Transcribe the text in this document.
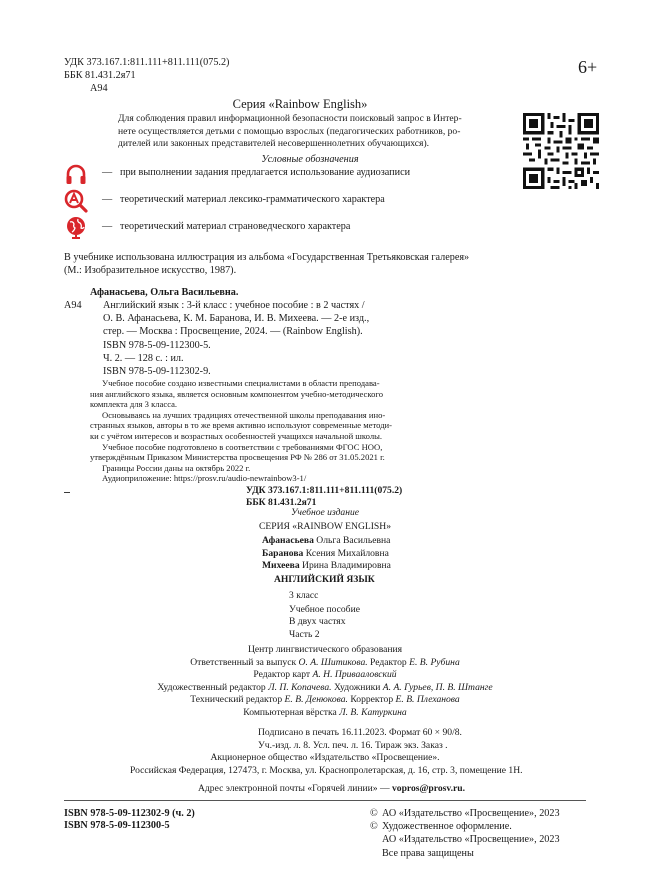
УДК 373.167.1:811.111+811.111(075.2)
ББК 81.431.2я71
А94
6+
Серия «Rainbow English»
Для соблюдения правил информационной безопасности поисковый запрос в Интер-
нете осуществляется детьми с помощью взрослых (педагогических работников, ро-
дителей или законных представителей несовершеннолетних обучающихся).
Условные обозначения
— при выполнении задания предлагается использование аудиозаписи
— теоретический материал лексико-грамматического характера
— теоретический материал страноведческого характера
В учебнике использована иллюстрация из альбома «Государственная Третьяковская галерея»
(М.: Изобразительное искусство, 1987).
Афанасьева, Ольга Васильевна.
А94 Английский язык : 3-й класс : учебное пособие : в 2 частях /
О. В. Афанасьева, К. М. Баранова, И. В. Михеева. — 2-е изд.,
стер. — Москва : Просвещение, 2024. — (Rainbow English).
ISBN 978-5-09-112300-5.
Ч. 2. — 128 с. : ил.
ISBN 978-5-09-112302-9.
Учебное пособие создано известными специалистами в области преподава-
ния английского языка, является основным компонентом учебно-методического
комплекта для 3 класса.
Основываясь на лучших традициях отечественной школы преподавания ино-
странных языков, авторы в то же время активно используют современные методи-
ки с учётом интересов и возрастных особенностей учащихся начальной школы.
Учебное пособие подготовлено в соответствии с требованиями ФГОС НОО,
утверждённым Приказом Министерства просвещения РФ № 286 от 31.05.2021 г.
Границы России даны на октябрь 2022 г.
Аудиоприложение: https://prosv.ru/audio-newrainbow3-1/
УДК 373.167.1:811.111+811.111(075.2)
ББК 81.431.2я71
Учебное издание
СЕРИЯ «RAINBOW ENGLISH»
Афанасьева Ольга Васильевна
Баранова Ксения Михайловна
Михеева Ирина Владимировна
АНГЛИЙСКИЙ ЯЗЫК
3 класс
Учебное пособие
В двух частях
Часть 2
Центр лингвистического образования
Ответственный за выпуск О. А. Шитикова. Редактор Е. В. Рубина
Редактор карт А. Н. Привааловский
Художественный редактор Л. П. Копачева. Художники А. А. Гурьев, П. В. Штанге
Технический редактор Е. В. Денюкова. Корректор Е. В. Плеханова
Компьютерная вёрстка Л. В. Катуркина
Подписано в печать 16.11.2023. Формат 60 × 90/8.
Уч.-изд. л. 8. Усл. печ. л. 16. Тираж экз. Заказ .
Акционерное общество «Издательство «Просвещение».
Российская Федерация, 127473, г. Москва, ул. Краснопролетарская, д. 16, стр. 3, помещение 1Н.
Адрес электронной почты «Горячей линии» — vopros@prosv.ru.
ISBN 978-5-09-112302-9 (ч. 2)
ISBN 978-5-09-112300-5
© АО «Издательство «Просвещение», 2023
© Художественное оформление.
АО «Издательство «Просвещение», 2023
Все права защищены
